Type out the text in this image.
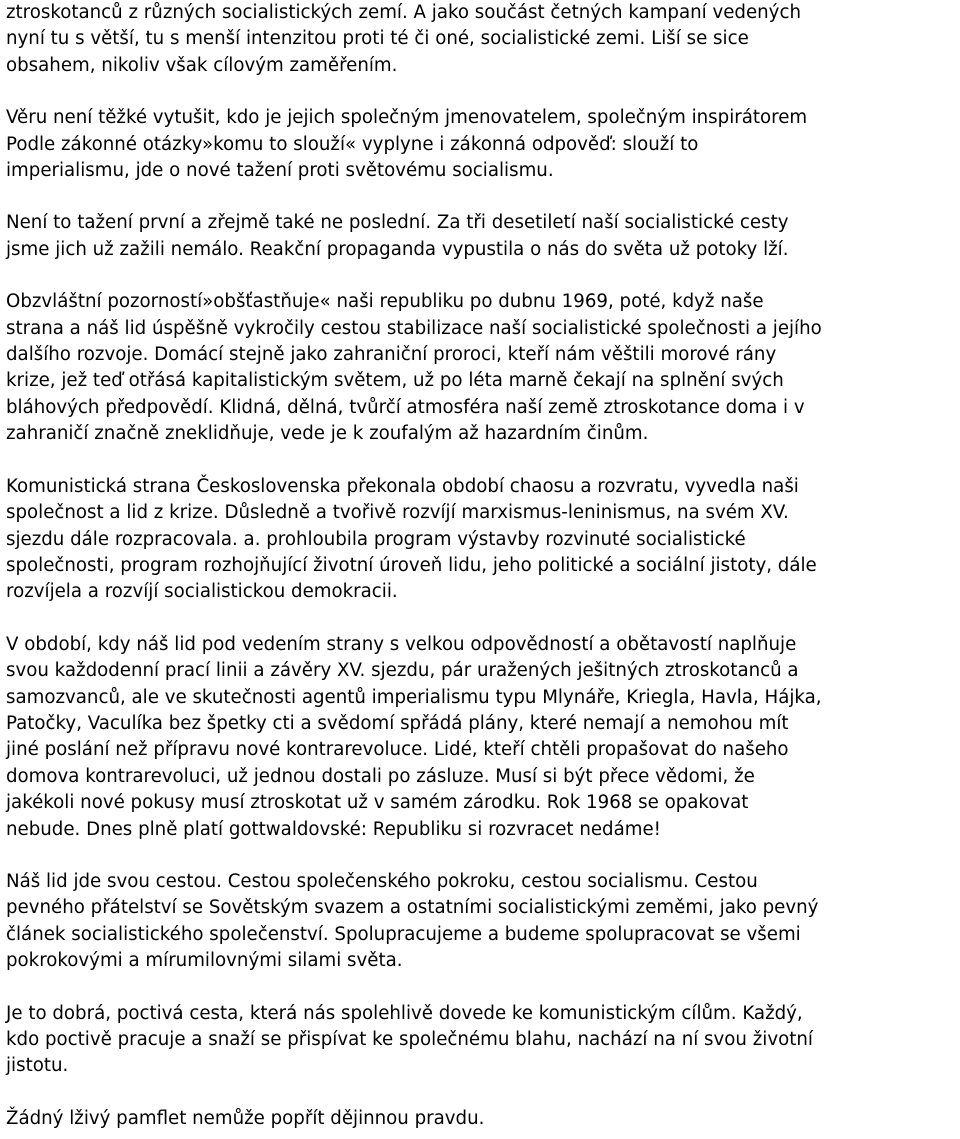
ztroskotanců z různých socialistických zemí. A jako součást četných kampaní vedených
nyní tu s větší, tu s menší intenzitou proti té či oné, socialistické zemi. Liší se sice
obsahem, nikoliv však cílovým zaměřením.

Věru není těžké vytušit, kdo je jejich společným jmenovatelem, společným inspirátorem
Podle zákonné otázky»komu to slouží« vyplyne i zákonná odpověď: slouží to
imperialismu, jde o nové tažení proti světovému socialismu.

Není to tažení první a zřejmě také ne poslední. Za tři desetiletí naší socialistické cesty
jsme jich už zažili nemálo. Reakční propaganda vypustila o nás do světa už potoky lží.

Obzvláštní pozorností»obšťastňuje« naši republiku po dubnu 1969, poté, když naše
strana a náš lid úspěšně vykročily cestou stabilizace naší socialistické společnosti a jejího
dalšího rozvoje. Domácí stejně jako zahraniční proroci, kteří nám věštili morové rány
krize, jež teď otřásá kapitalistickým světem, už po léta marně čekají na splnění svých
bláhových předpovědí. Klidná, dělná, tvůrčí atmosféra naší země ztroskotance doma i v
zahraničí značně zneklidňuje, vede je k zoufalým až hazardním činům.

Komunistická strana Československa překonala období chaosu a rozvratu, vyvedla naši
společnost a lid z krize. Důsledně a tvořivě rozvíjí marxismus-leninismus, na svém XV.
sjezdu dále rozpracovala. a. prohloubila program výstavby rozvinuté socialistické
společnosti, program rozhojňující životní úroveň lidu, jeho politické a sociální jistoty, dále
rozvíjela a rozvíjí socialistickou demokracii.

V období, kdy náš lid pod vedením strany s velkou odpovědností a obětavostí naplňuje
svou každodenní prací linii a závěry XV. sjezdu, pár uražených ješitných ztroskotanců a
samozvanců, ale ve skutečnosti agentů imperialismu typu Mlynáře, Kriegla, Havla, Hájka,
Patočky, Vaculíka bez špetky cti a svědomí spřádá plány, které nemají a nemohou mít
jiné poslání než přípravu nové kontrarevoluce. Lidé, kteří chtěli propašovat do našeho
domova kontrarevoluci, už jednou dostali po zásluze. Musí si být přece vědomi, že
jakékoli nové pokusy musí ztroskotat už v samém zárodku. Rok 1968 se opakovat
nebude. Dnes plně platí gottwaldovské: Republiku si rozvracet nedáme!

Náš lid jde svou cestou. Cestou společenského pokroku, cestou socialismu. Cestou
pevného přátelství se Sovětským svazem a ostatními socialistickými zeměmi, jako pevný
článek socialistického společenství. Spolupracujeme a budeme spolupracovat se všemi
pokrokovými a mírumilovnými silami světa.

Je to dobrá, poctivá cesta, která nás spolehlivě dovede ke komunistickým cílům. Každý,
kdo poctivě pracuje a snaží se přispívat ke společnému blahu, nachází na ní svou životní
jistotu.

Žádný lživý pamflet nemůže popřít dějinnou pravdu.
